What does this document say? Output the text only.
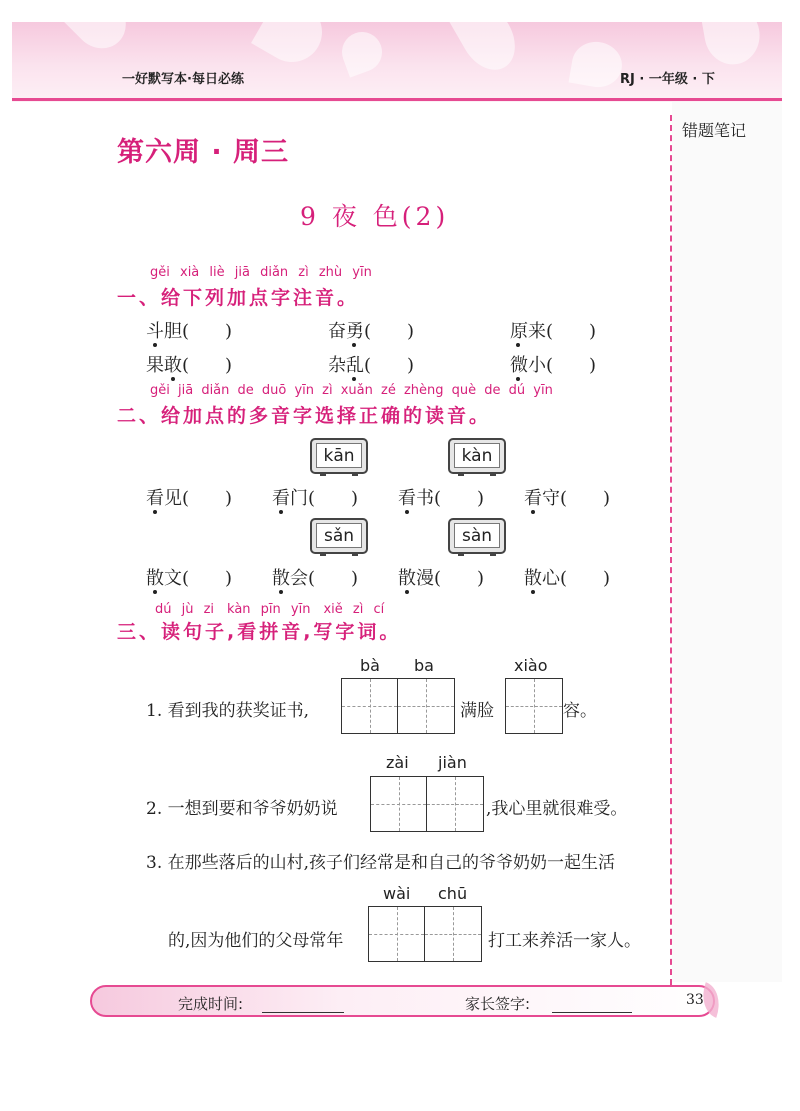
一好默写本·每日必练	RJ · 一年级 · 下
错题笔记
第六周 · 周三
9 夜 色(2)
gěi xià liè jiā diǎn zì zhù yīn
一、给下列加点字注音。
斗胆(　　)	奋勇(　　)	原来(　　)
果敢(　　)	杂乱(　　)	微小(　　)
gěi jiā diǎn de duō yīn zì xuǎn zé zhèng què de dú yīn
二、给加点的多音字选择正确的读音。
kān	kàn
看见(　　) 看门(　　) 看书(　　) 看守(　　)
sǎn	sàn
散文(　　) 散会(　　) 散漫(　　) 散心(　　)
dú jù zi　kàn pīn yīn　xiě zì cí
三、读句子,看拼音,写字词。
bà ba	xiào
1. 看到我的获奖证书,	满脸	容。
zài jiàn
2. 一想到要和爷爷奶奶说	,我心里就很难受。
3. 在那些落后的山村,孩子们经常是和自己的爷爷奶奶一起生活
wài chū
的,因为他们的父母常年	打工来养活一家人。
完成时间:	家长签字:	33
